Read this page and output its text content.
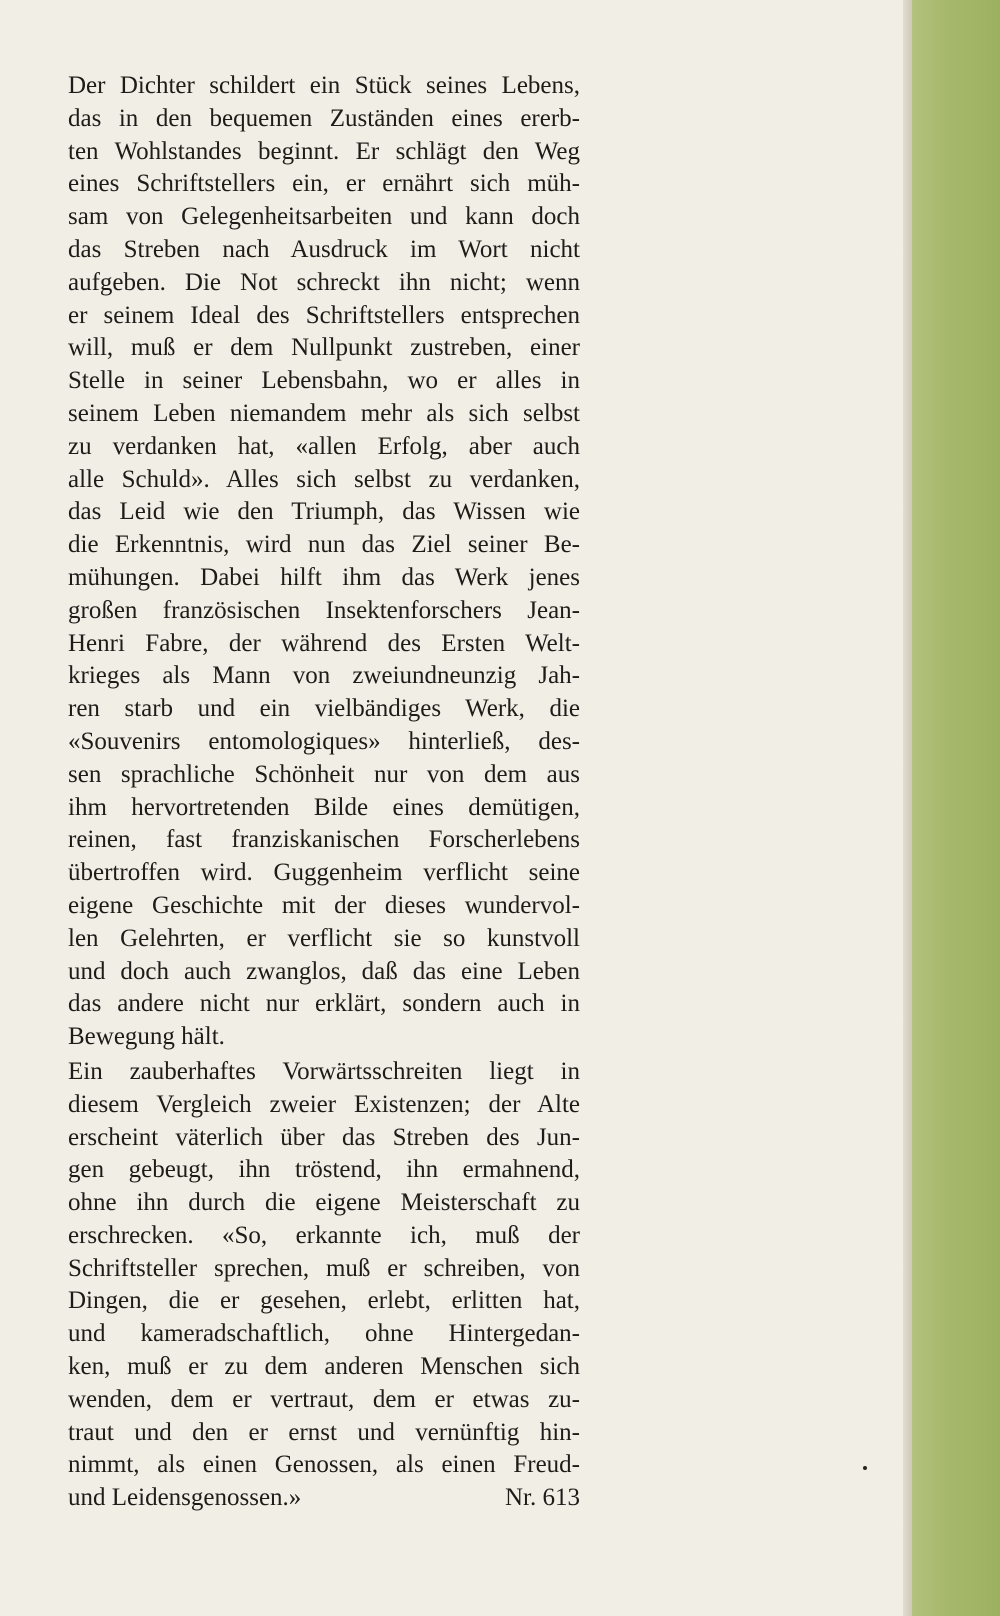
Der Dichter schildert ein Stück seines Lebens,
das in den bequemen Zuständen eines ererb-
ten Wohlstandes beginnt. Er schlägt den Weg
eines Schriftstellers ein, er ernährt sich müh-
sam von Gelegenheitsarbeiten und kann doch
das Streben nach Ausdruck im Wort nicht
aufgeben. Die Not schreckt ihn nicht; wenn
er seinem Ideal des Schriftstellers entsprechen
will, muß er dem Nullpunkt zustreben, einer
Stelle in seiner Lebensbahn, wo er alles in
seinem Leben niemandem mehr als sich selbst
zu verdanken hat, «allen Erfolg, aber auch
alle Schuld». Alles sich selbst zu verdanken,
das Leid wie den Triumph, das Wissen wie
die Erkenntnis, wird nun das Ziel seiner Be-
mühungen. Dabei hilft ihm das Werk jenes
großen französischen Insektenforschers Jean-
Henri Fabre, der während des Ersten Welt-
krieges als Mann von zweiundneunzig Jah-
ren starb und ein vielbändiges Werk, die
«Souvenirs entomologiques» hinterließ, des-
sen sprachliche Schönheit nur von dem aus
ihm hervortretenden Bilde eines demütigen,
reinen, fast franziskanischen Forscherlebens
übertroffen wird. Guggenheim verflicht seine
eigene Geschichte mit der dieses wundervol-
len Gelehrten, er verflicht sie so kunstvoll
und doch auch zwanglos, daß das eine Leben
das andere nicht nur erklärt, sondern auch in
Bewegung hält.
Ein zauberhaftes Vorwärtsschreiten liegt in
diesem Vergleich zweier Existenzen; der Alte
erscheint väterlich über das Streben des Jun-
gen gebeugt, ihn tröstend, ihn ermahnend,
ohne ihn durch die eigene Meisterschaft zu
erschrecken. «So, erkannte ich, muß der
Schriftsteller sprechen, muß er schreiben, von
Dingen, die er gesehen, erlebt, erlitten hat,
und kameradschaftlich, ohne Hintergedan-
ken, muß er zu dem anderen Menschen sich
wenden, dem er vertraut, dem er etwas zu-
traut und den er ernst und vernünftig hin-
nimmt, als einen Genossen, als einen Freud-
und Leidensgenossen.»	Nr. 613
